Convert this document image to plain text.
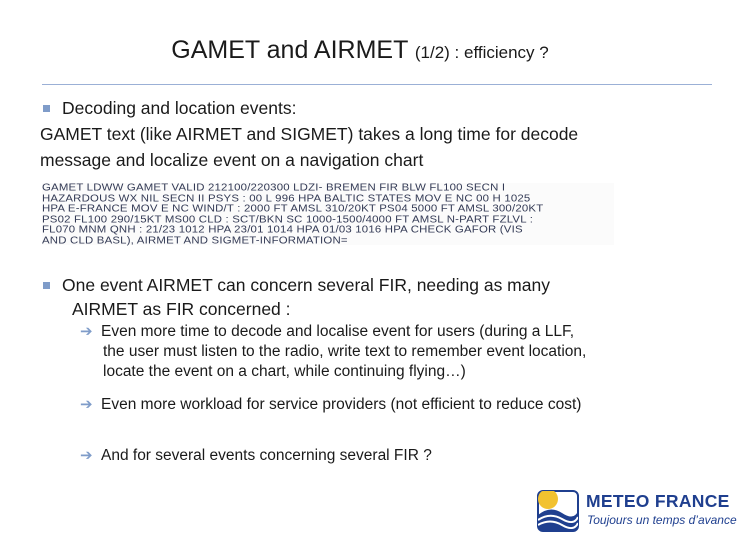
GAMET and AIRMET (1/2) : efficiency ?
Decoding and location events:
GAMET text (like AIRMET and SIGMET) takes a long time for decode
message and localize event on a navigation chart
GAMET LDWW GAMET VALID 212100/220300 LDZI- BREMEN FIR BLW FL100 SECN I
HAZARDOUS WX NIL SECN II PSYS : 00 L 996 HPA BALTIC STATES MOV E NC 00 H 1025
HPA E-FRANCE MOV E NC WIND/T : 2000 FT AMSL 310/20KT PS04 5000 FT AMSL 300/20KT
PS02 FL100 290/15KT MS00 CLD : SCT/BKN SC 1000-1500/4000 FT AMSL N-PART FZLVL :
FL070 MNM QNH : 21/23 1012 HPA 23/01 1014 HPA 01/03 1016 HPA CHECK GAFOR (VIS
AND CLD BASL), AIRMET AND SIGMET-INFORMATION=
One event AIRMET can concern several FIR, needing as many
AIRMET as FIR concerned :
➔ Even more time to decode and localise event for users (during a LLF,
the user must listen to the radio, write text to remember event location,
locate the event on a chart, while continuing flying…)
➔ Even more workload for service providers (not efficient to reduce cost)
➔ And for several events concerning several FIR ?
METEO FRANCE
Toujours un temps d’avance
